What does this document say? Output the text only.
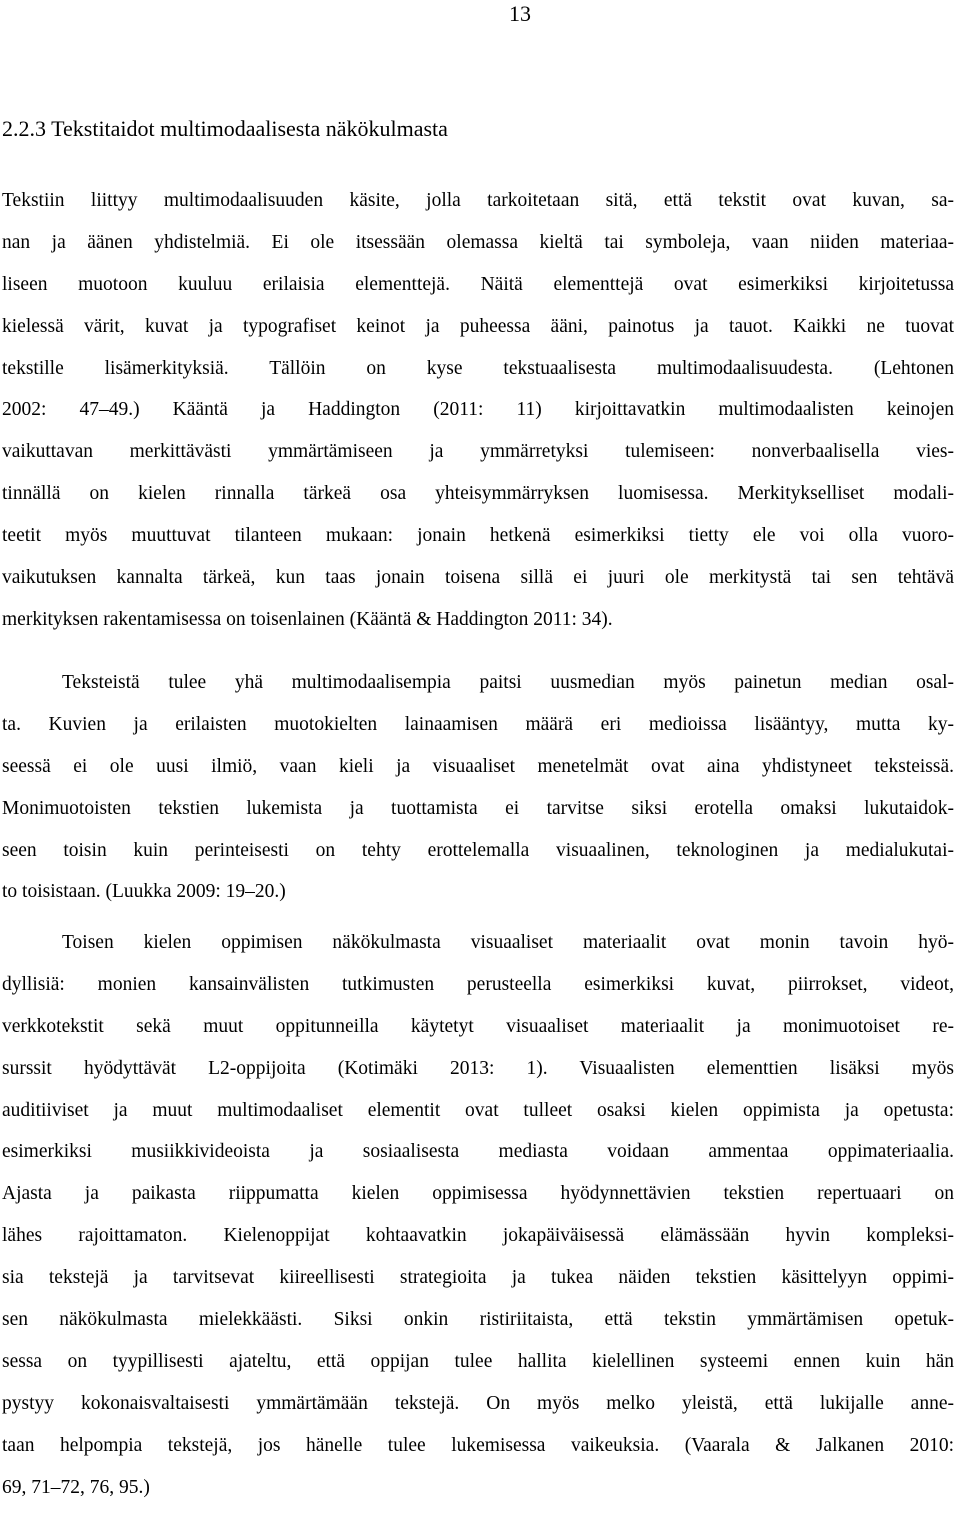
13
2.2.3 Tekstitaidot multimodaalisesta näkökulmasta
Tekstiin liittyy multimodaalisuuden käsite, jolla tarkoitetaan sitä, että tekstit ovat kuvan, sa-
nan ja äänen yhdistelmiä. Ei ole itsessään olemassa kieltä tai symboleja, vaan niiden materiaa-
liseen muotoon kuuluu erilaisia elementtejä. Näitä elementtejä ovat esimerkiksi kirjoitetussa
kielessä värit, kuvat ja typografiset keinot ja puheessa ääni, painotus ja tauot. Kaikki ne tuovat
tekstille lisämerkityksiä. Tällöin on kyse tekstuaalisesta multimodaalisuudesta. (Lehtonen
2002: 47–49.) Kääntä ja Haddington (2011: 11) kirjoittavatkin multimodaalisten keinojen
vaikuttavan merkittävästi ymmärtämiseen ja ymmärretyksi tulemiseen: nonverbaalisella vies-
tinnällä on kielen rinnalla tärkeä osa yhteisymmärryksen luomisessa. Merkitykselliset modali-
teetit myös muuttuvat tilanteen mukaan: jonain hetkenä esimerkiksi tietty ele voi olla vuoro-
vaikutuksen kannalta tärkeä, kun taas jonain toisena sillä ei juuri ole merkitystä tai sen tehtävä
merkityksen rakentamisessa on toisenlainen (Kääntä & Haddington 2011: 34).
Teksteistä tulee yhä multimodaalisempia paitsi uusmedian myös painetun median osal-
ta. Kuvien ja erilaisten muotokielten lainaamisen määrä eri medioissa lisääntyy, mutta ky-
seessä ei ole uusi ilmiö, vaan kieli ja visuaaliset menetelmät ovat aina yhdistyneet teksteissä.
Monimuotoisten tekstien lukemista ja tuottamista ei tarvitse siksi erotella omaksi lukutaidok-
seen toisin kuin perinteisesti on tehty erottelemalla visuaalinen, teknologinen ja medialukutai-
to toisistaan. (Luukka 2009: 19–20.)
Toisen kielen oppimisen näkökulmasta visuaaliset materiaalit ovat monin tavoin hyö-
dyllisiä: monien kansainvälisten tutkimusten perusteella esimerkiksi kuvat, piirrokset, videot,
verkkotekstit sekä muut oppitunneilla käytetyt visuaaliset materiaalit ja monimuotoiset re-
surssit hyödyttävät L2-oppijoita (Kotimäki 2013: 1). Visuaalisten elementtien lisäksi myös
auditiiviset ja muut multimodaaliset elementit ovat tulleet osaksi kielen oppimista ja opetusta:
esimerkiksi musiikkivideoista ja sosiaalisesta mediasta voidaan ammentaa oppimateriaalia.
Ajasta ja paikasta riippumatta kielen oppimisessa hyödynnettävien tekstien repertuaari on
lähes rajoittamaton. Kielenoppijat kohtaavatkin jokapäiväisessä elämässään hyvin kompleksi-
sia tekstejä ja tarvitsevat kiireellisesti strategioita ja tukea näiden tekstien käsittelyyn oppimi-
sen näkökulmasta mielekkäästi. Siksi onkin ristiriitaista, että tekstin ymmärtämisen opetuk-
sessa on tyypillisesti ajateltu, että oppijan tulee hallita kielellinen systeemi ennen kuin hän
pystyy kokonaisvaltaisesti ymmärtämään tekstejä. On myös melko yleistä, että lukijalle anne-
taan helpompia tekstejä, jos hänelle tulee lukemisessa vaikeuksia. (Vaarala & Jalkanen 2010:
69, 71–72, 76, 95.)
